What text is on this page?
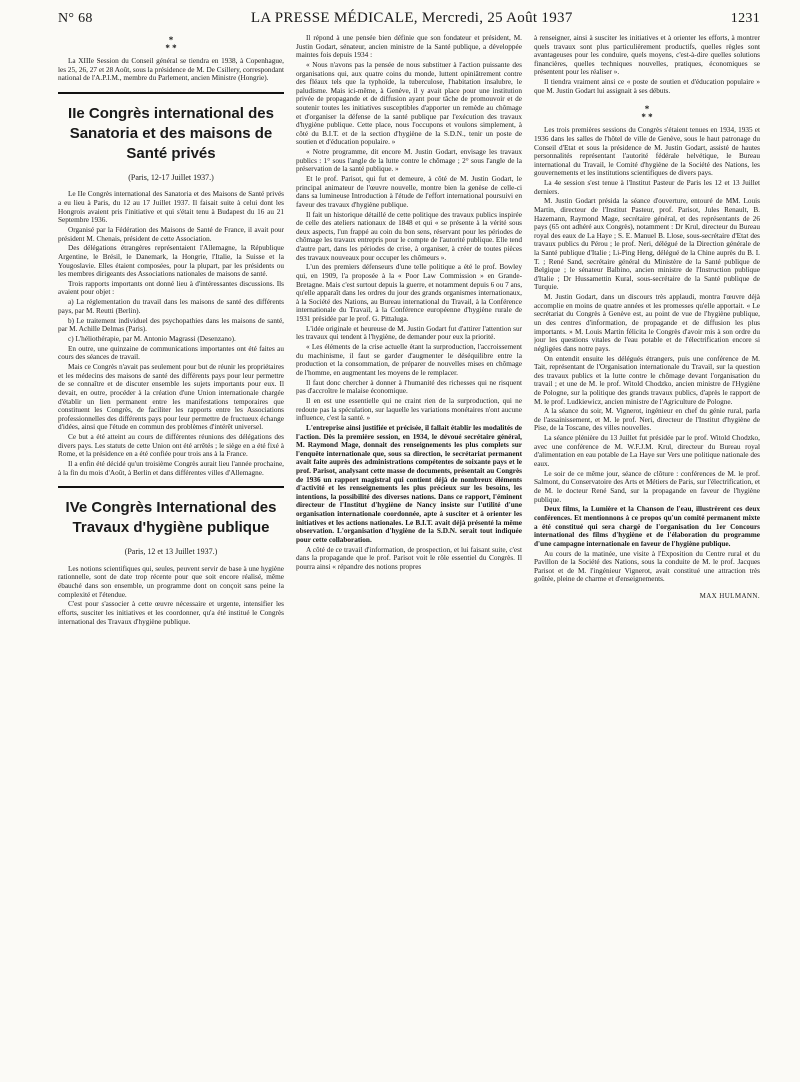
N° 68	LA PRESSE MÉDICALE, Mercredi, 25 Août 1937	1231
*
* *

La XIIIe Session du Conseil général se tiendra en 1938, à Copenhague, les 25, 26, 27 et 28 Août, sous la présidence de M. De Csillery, correspondant national de l'A.P.I.M., membre du Parlement, ancien Ministre (Hongrie).

IIe Congrès international des Sanatoria et des maisons de Santé privés
(Paris, 12-17 Juillet 1937.)

Le IIe Congrès international des Sanatoria et des Maisons de Santé privés a eu lieu à Paris, du 12 au 17 Juillet 1937. Il faisait suite à celui dont les Hongrois avaient pris l'initiative et qui s'était tenu à Budapest du 16 au 21 Septembre 1936.

Organisé par la Fédération des Maisons de Santé de France, il avait pour président M. Chenais, président de cette Association.

Des délégations étrangères représentaient l'Allemagne, la République Argentine, le Brésil, le Danemark, la Hongrie, l'Italie, la Suisse et la Yougoslavie. Elles étaient composées, pour la plupart, par les présidents ou les membres dirigeants des Associations nationales de maisons de santé.

Trois rapports importants ont donné lieu à d'intéressantes discussions. Ils avaient pour objet :

a) La réglementation du travail dans les maisons de santé des différents pays, par M. Reutti (Berlin).

b) Le traitement individuel des psychopathies dans les maisons de santé, par M. Achille Delmas (Paris).

c) L'héliothérapie, par M. Antonio Magrassi (Desenzano).

En outre, une quinzaine de communications importantes ont été faites au cours des séances de travail.

Mais ce Congrès n'avait pas seulement pour but de réunir les propriétaires et les médecins des maisons de santé des différents pays pour leur permettre de se connaître et de discuter ensemble les sujets importants pour eux. Il devait, en outre, procéder à la création d'une Union internationale chargée d'établir un lien permanent entre les manifestations temporaires que constituent les Congrès, de faciliter les rapports entre les Associations professionnelles des différents pays pour leur permettre de fructueux échange d'idées, ainsi que l'étude en commun des problèmes d'intérêt universel.

Ce but a été atteint au cours de différentes réunions des délégations des divers pays. Les statuts de cette Union ont été arrêtés ; le siège en a été fixé à Rome, et la présidence en a été confiée pour trois ans à la France.

Il a enfin été décidé qu'un troisième Congrès aurait lieu l'année prochaine, à la fin du mois d'Août, à Berlin et dans différentes villes d'Allemagne.

IVe Congrès International des Travaux d'hygiène publique
(Paris, 12 et 13 Juillet 1937.)

Les notions scientifiques qui, seules, peuvent servir de base à une hygiène rationnelle, sont de date trop récente pour que soit encore réalisé, même ébauché dans son ensemble, un programme dont on conçoit sans peine la complexité et l'étendue.

C'est pour s'associer à cette œuvre nécessaire et urgente, intensifier les efforts, susciter les initiatives et les coordonner, qu'a été institué le Congrès international des Travaux d'hygiène publique.

Il répond à une pensée bien définie que son fondateur et président, M. Justin Godart, sénateur, ancien ministre de la Santé publique, a développée maintes fois depuis 1934 :

« Nous n'avons pas la pensée de nous substituer à l'action puissante des organisations qui, aux quatre coins du monde, luttent opiniâtrement contre des fléaux tels que la typhoïde, la tuberculose, l'habitation insalubre, le paludisme. Mais ici-même, à Genève, il y avait place pour une institution privée de propagande et de diffusion ayant pour tâche de promouvoir et de soutenir toutes les initiatives susceptibles d'apporter un remède au chômage et d'organiser la défense de la santé publique par l'exécution des travaux d'hygiène publique. Cette place, nous l'occupons et voulons simplement, à côté du B.I.T. et de la section d'hygiène de la S.D.N., tenir un poste de soutien et d'éducation populaire. »

« Notre programme, dit encore M. Justin Godart, envisage les travaux publics : 1° sous l'angle de la lutte contre le chômage ; 2° sous l'angle de la préservation de la santé publique. »

Et le prof. Parisot, qui fut et demeure, à côté de M. Justin Godart, le principal animateur de l'œuvre nouvelle, montre bien la genèse de celle-ci dans sa lumineuse Introduction à l'étude de l'effort international poursuivi en faveur des travaux d'hygiène publique.

Il fait un historique détaillé de cette politique des travaux publics inspirée de celle des ateliers nationaux de 1848 et qui « se présente à la vérité sous deux aspects, l'un frappé au coin du bon sens, réservant pour les périodes de chômage les travaux entrepris pour le compte de l'autorité publique. Elle tend d'autre part, dans les périodes de crise, à organiser, à créer de toutes pièces des travaux nouveaux pour occuper les chômeurs ».

L'un des premiers défenseurs d'une telle politique a été le prof. Bowley qui, en 1909, l'a proposée à la « Poor Law Commission » en Grande-Bretagne. Mais c'est surtout depuis la guerre, et notamment depuis 6 ou 7 ans, qu'elle apparaît dans les ordres du jour des grands organismes internationaux, à la Société des Nations, au Bureau international du Travail, à la Conférence internationale du Travail, à la Conférence européenne d'hygiène rurale de 1931 présidée par le prof. G. Pittaluga.

L'idée originale et heureuse de M. Justin Godart fut d'attirer l'attention sur les travaux qui tendent à l'hygiène, de demander pour eux la priorité.

« Les éléments de la crise actuelle étant la surproduction, l'accroissement du machinisme, il faut se garder d'augmenter le déséquilibre entre la production et la consommation, de préparer de nouvelles mises en chômage de l'homme, en augmentant les moyens de le remplacer.

Il faut donc chercher à donner à l'humanité des richesses qui ne risquent pas d'accroître le malaise économique.

Il en est une essentielle qui ne craint rien de la surproduction, qui ne redoute pas la spéculation, sur laquelle les variations monétaires n'ont aucune influence, c'est la santé. »

L'entreprise ainsi justifiée et précisée, il fallait établir les modalités de l'action. Dès la première session, en 1934, le dévoué secrétaire général, M. Raymond Mage, donnait des renseignements les plus complets sur l'enquête internationale que, sous sa direction, le secrétariat permanent avait faite auprès des administrations compétentes de soixante pays et le prof. Parisot, analysant cette masse de documents, présentait au Congrès de 1936 un rapport magistral qui contient déjà de nombreux éléments d'activité et les renseignements les plus précieux sur les besoins, les intentions, la possibilité des diverses nations. Dans ce rapport, l'éminent directeur de l'Institut d'hygiène de Nancy insiste sur l'utilité d'une organisation internationale coordonnée, apte à susciter et à orienter les initiatives et les actions nationales. Le B.I.T. avait déjà présenté la même observation. L'organisation d'hygiène de la S.D.N. serait tout indiquée pour cette collaboration.

A côté de ce travail d'information, de prospection, et lui faisant suite, c'est dans la propagande que le prof. Parisot voit le rôle essentiel du Congrès. Il pourra ainsi « répandre des notions propres

à renseigner, ainsi à susciter les initiatives et à orienter les efforts, à montrer quels travaux sont plus particulièrement productifs, quelles règles sont avantageuses pour les conduire, quels moyens, c'est-à-dire quelles solutions financières, quelles techniques nouvelles, pratiques, économiques se présentent pour les réaliser ».

Il tiendra vraiment ainsi ce « poste de soutien et d'éducation populaire » que M. Justin Godart lui assignait à ses débuts.

*
* *

Les trois premières sessions du Congrès s'étaient tenues en 1934, 1935 et 1936 dans les salles de l'hôtel de ville de Genève, sous le haut patronage du Conseil d'Etat et sous la présidence de M. Justin Godart, assisté de hautes personnalités représentant l'autorité fédérale helvétique, le Bureau international du Travail, le Comité d'hygiène de la Société des Nations, les gouvernements et les institutions scientifiques de divers pays.

La 4e session s'est tenue à l'Institut Pasteur de Paris les 12 et 13 Juillet derniers.

M. Justin Godart présida la séance d'ouverture, entouré de MM. Louis Martin, directeur de l'Institut Pasteur, prof. Parisot, Jules Renault, B. Hazemann, Raymond Mage, secrétaire général, et des représentants de 26 pays (65 ont adhéré aux Congrès), notamment : Dr Krul, directeur du Bureau royal des eaux de La Haye ; S. E. Manuel B. Llose, sous-secrétaire d'Etat des travaux publics du Pérou ; le prof. Neri, délégué de la Direction générale de la Santé publique d'Italie ; Li-Ping Heng, délégué de la Chine auprès du B. I. T. ; René Sand, secrétaire général du Ministère de la Santé publique de Belgique ; le sénateur Balbino, ancien ministre de l'Instruction publique d'Italie ; Dr Hussamettin Kural, sous-secrétaire de la Santé publique de Turquie.

M. Justin Godart, dans un discours très applaudi, montra l'œuvre déjà accomplie en moins de quatre années et les promesses qu'elle apportait. « Le secrétariat du Congrès à Genève est, au point de vue de l'hygiène publique, un des centres d'information, de propagande et de diffusion les plus importants. » M. Louis Martin félicita le Congrès d'avoir mis à son ordre du jour les questions vitales de l'eau potable et de l'électrification encore si négligées dans notre pays.

On entendit ensuite les délégués étrangers, puis une conférence de M. Tait, représentant de l'Organisation internationale du Travail, sur la question des travaux publics et la lutte contre le chômage devant l'organisation du travail ; et une de M. le prof. Witold Chodzko, ancien ministre de l'Hygiène de Pologne, sur la politique des grands travaux publics, d'après le rapport de M. le prof. Ludkiewicz, ancien ministre de l'Agriculture de Pologne.

A la séance du soir, M. Vignerot, ingénieur en chef du génie rural, parla de l'assainissement, et M. le prof. Neri, directeur de l'Institut d'hygiène de Pise, de la Toscane, des villes nouvelles.

La séance plénière du 13 Juillet fut présidée par le prof. Witold Chodzko, avec une conférence de M. W.F.J.M. Krul, directeur du Bureau royal d'alimentation en eau potable de La Haye sur Vers une politique nationale des eaux.

Le soir de ce même jour, séance de clôture : conférences de M. le prof. Salmont, du Conservatoire des Arts et Métiers de Paris, sur l'électrification, et de M. le docteur René Sand, sur la propagande en faveur de l'hygiène publique.

Deux films, la Lumière et la Chanson de l'eau, illustrèrent ces deux conférences. Et mentionnons à ce propos qu'un comité permanent mixte a été constitué qui sera chargé de l'organisation du 1er Concours international des films d'hygiène et de l'élaboration du programme d'une campagne internationale en faveur de l'hygiène publique.

Au cours de la matinée, une visite à l'Exposition du Centre rural et du Pavillon de la Société des Nations, sous la conduite de M. le prof. Jacques Parisot et de M. l'ingénieur Vignerot, avait constitué une attraction très goûtée, pleine de charme et d'enseignements.

MAX HULMANN.
